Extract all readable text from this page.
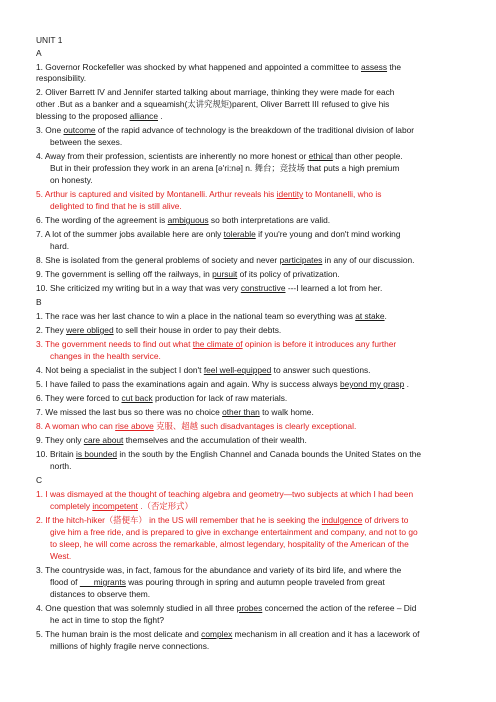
UNIT 1
A
1. Governor Rockefeller was shocked by what happened and appointed a committee to assess the
responsibility.
2. Oliver Barrett IV and Jennifer started talking about marriage, thinking they were made for each
other .But as a banker and a squeamish(太讲究规矩)parent, Oliver Barrett III refused to give his
blessing to the proposed alliance .
3. One outcome of the rapid advance of technology is the breakdown of the traditional division of labor
between the sexes.
4. Away from their profession, scientists are inherently no more honest or ethical than other people.
But in their profession they work in an arena [ə'ri:nə] n. 舞台；竞技场 that puts a high premium
on honesty.
5. Arthur is captured and visited by Montanelli. Arthur reveals his identity to Montanelli, who is
delighted to find that he is still alive.
6. The wording of the agreement is ambiguous so both interpretations are valid.
7. A lot of the summer jobs available here are only tolerable if you're young and don't mind working
hard.
8. She is isolated from the general problems of society and never participates in any of our discussion.
9. The government is selling off the railways, in pursuit of its policy of privatization.
10. She criticized my writing but in a way that was very constructive ---I learned a lot from her.
B
1. The race was her last chance to win a place in the national team so everything was at stake.
2. They were obliged to sell their house in order to pay their debts.
3. The government needs to find out what the climate of opinion is before it introduces any further
changes in the health service.
4. Not being a specialist in the subject I don't feel well-equipped to answer such questions.
5. I have failed to pass the examinations again and again. Why is success always beyond my grasp .
6. They were forced to cut back production for lack of raw materials.
7. We missed the last bus so there was no choice other than to walk home.
8. A woman who can rise above 克服、超越 such disadvantages is clearly exceptional.
9. They only care about themselves and the accumulation of their wealth.
10. Britain is bounded in the south by the English Channel and Canada bounds the United States on the
north.
C
1. I was dismayed at the thought of teaching algebra and geometry—two subjects at which I had been
completely incompetent .（否定形式）
2. If the hitch-hiker（搭便车） in the US will remember that he is seeking the indulgence of drivers to
give him a free ride, and is prepared to give in exchange entertainment and company, and not to go
to sleep, he will come across the remarkable, almost legendary, hospitality of the American of the
West.
3. The countryside was, in fact, famous for the abundance and variety of its bird life, and where the
flood of       migrants was pouring through in spring and autumn people traveled from great
distances to observe them.
4. One question that was solemnly studied in all three probes concerned the action of the referee – Did
he act in time to stop the fight?
5. The human brain is the most delicate and complex mechanism in all creation and it has a lacework of
millions of highly fragile nerve connections.
